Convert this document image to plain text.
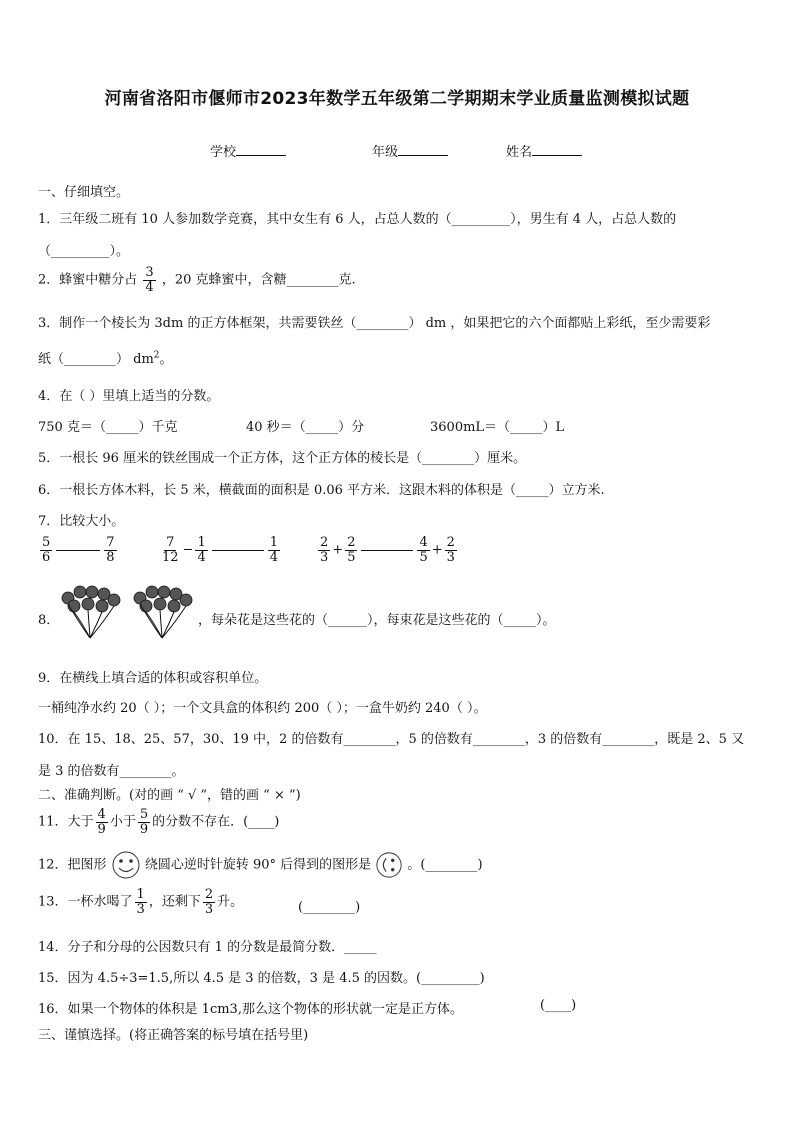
河南省洛阳市偃师市2023年数学五年级第二学期期末学业质量监测模拟试题
学校	年级	姓名
一、仔细填空。
1．三年级二班有 10 人参加数学竞赛，其中女生有 6 人，占总人数的（_________），男生有 4 人，占总人数的
（_________）。
2．蜂蜜中糖分占 $\frac{3}{4}$ ，20 克蜂蜜中，含糖________克.
3．制作一个棱长为 3dm 的正方体框架，共需要铁丝（________） dm ，如果把它的六个面都贴上彩纸，至少需要彩
纸（________） $dm^2$。
4．在（ ）里填上适当的分数。
750 克＝（_____）千克	40 秒＝（_____）分	3600mL＝（_____）L
5．一根长 96 厘米的铁丝围成一个正方体，这个正方体的棱长是（________）厘米。
6．一根长方体木料，长 5 米，横截面的面积是 0.06 平方米．这跟木料的体积是（_____）立方米.
7．比较大小。
$\frac{5}{6}$	$\frac{7}{8}$	$\frac{7}{12} - \frac{1}{4}$	$\frac{1}{4}$	$\frac{2}{3} + \frac{2}{5}$	$\frac{4}{5} + \frac{2}{3}$
8．	，每朵花是这些花的（______），每束花是这些花的（_____）。
9．在横线上填合适的体积或容积单位。
一桶纯净水约 20（ ）；一个文具盒的体积约 200（ ）；一盒牛奶约 240（ ）。
10．在 15、18、25、57，30、19 中，2 的倍数有________，5 的倍数有________，3 的倍数有________，既是 2、5 又
是 3 的倍数有________。
二、准确判断。(对的画 “ √ ”，错的画 “ × ”)
11．大于 $\frac{4}{9}$ 小于 $\frac{5}{9}$ 的分数不存在．(____)
12．把图形	绕圆心逆时针旋转 90° 后得到的图形是	。(________)
13．一杯水喝了 $\frac{1}{3}$ ，还剩下 $\frac{2}{3}$ 升。	(________)
14．分子和分母的公因数只有 1 的分数是最简分数．_____
15．因为 4.5÷3=1.5,所以 4.5 是 3 的倍数，3 是 4.5 的因数。(_________)
16．如果一个物体的体积是 1cm3,那么这个物体的形状就一定是正方体。	(____)
三、谨慎选择。(将正确答案的标号填在括号里)
